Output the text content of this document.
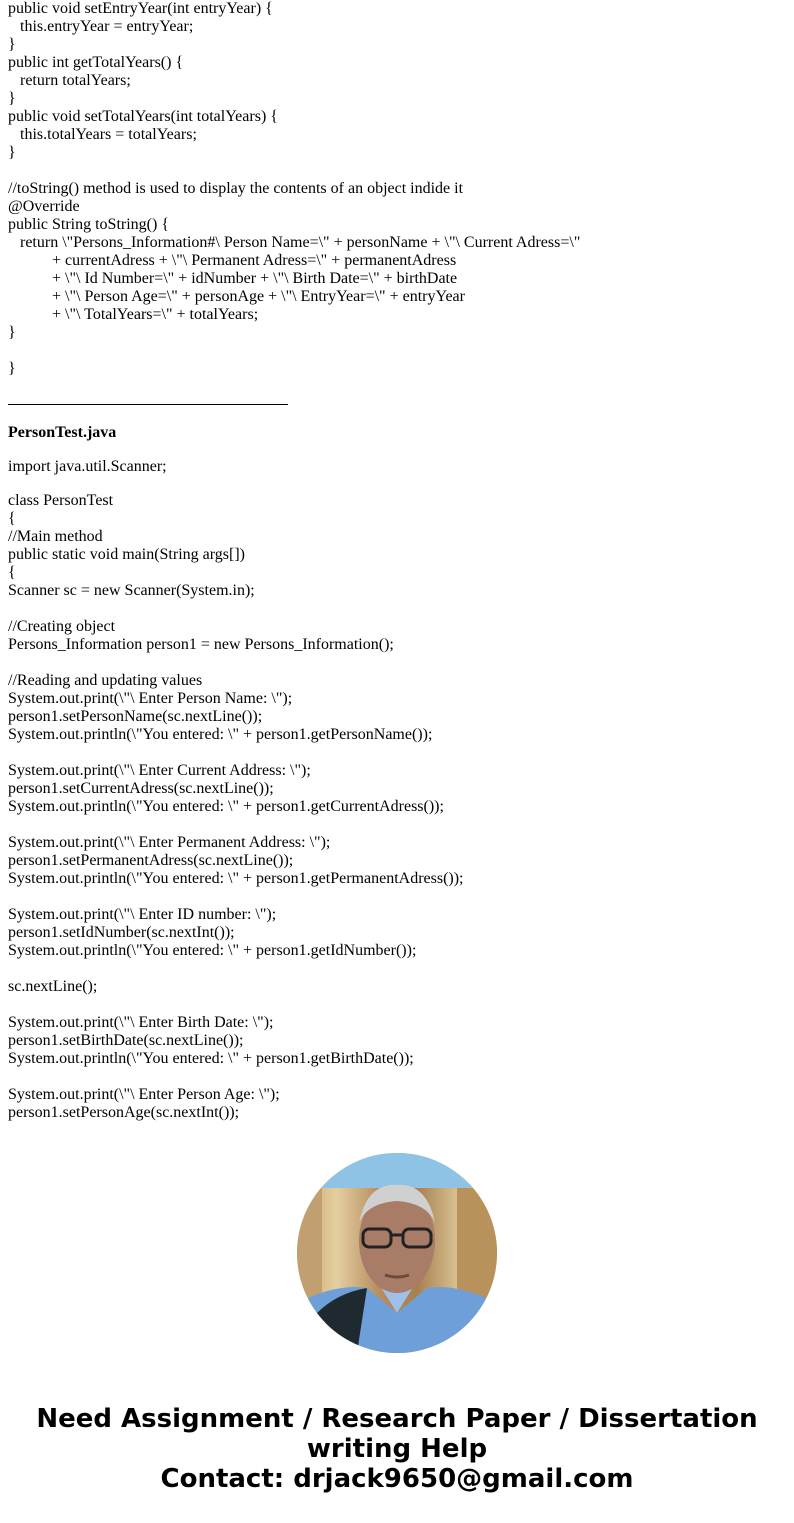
public void setEntryYear(int entryYear) {
this.entryYear = entryYear;
}
public int getTotalYears() {
return totalYears;
}
public void setTotalYears(int totalYears) {
this.totalYears = totalYears;
}
//toString() method is used to display the contents of an object indide it
@Override
public String toString() {
return \"Persons_Information#\ Person Name=\" + personName + \"\ Current Adress=\"
+ currentAdress + \"\ Permanent Adress=\" + permanentAdress
+ \"\ Id Number=\" + idNumber + \"\ Birth Date=\" + birthDate
+ \"\ Person Age=\" + personAge + \"\ EntryYear=\" + entryYear
+ \"\ TotalYears=\" + totalYears;
}
}
PersonTest.java
import java.util.Scanner;
class PersonTest
{
//Main method
public static void main(String args[])
{
Scanner sc = new Scanner(System.in);
//Creating object
Persons_Information person1 = new Persons_Information();
//Reading and updating values
System.out.print(\"\ Enter Person Name: \");
person1.setPersonName(sc.nextLine());
System.out.println(\"You entered: \" + person1.getPersonName());
System.out.print(\"\ Enter Current Address: \");
person1.setCurrentAdress(sc.nextLine());
System.out.println(\"You entered: \" + person1.getCurrentAdress());
System.out.print(\"\ Enter Permanent Address: \");
person1.setPermanentAdress(sc.nextLine());
System.out.println(\"You entered: \" + person1.getPermanentAdress());
System.out.print(\"\ Enter ID number: \");
person1.setIdNumber(sc.nextInt());
System.out.println(\"You entered: \" + person1.getIdNumber());
sc.nextLine();
System.out.print(\"\ Enter Birth Date: \");
person1.setBirthDate(sc.nextLine());
System.out.println(\"You entered: \" + person1.getBirthDate());
System.out.print(\"\ Enter Person Age: \");
person1.setPersonAge(sc.nextInt());
Need Assignment / Research Paper / Dissertation
writing Help
Contact: drjack9650@gmail.com
